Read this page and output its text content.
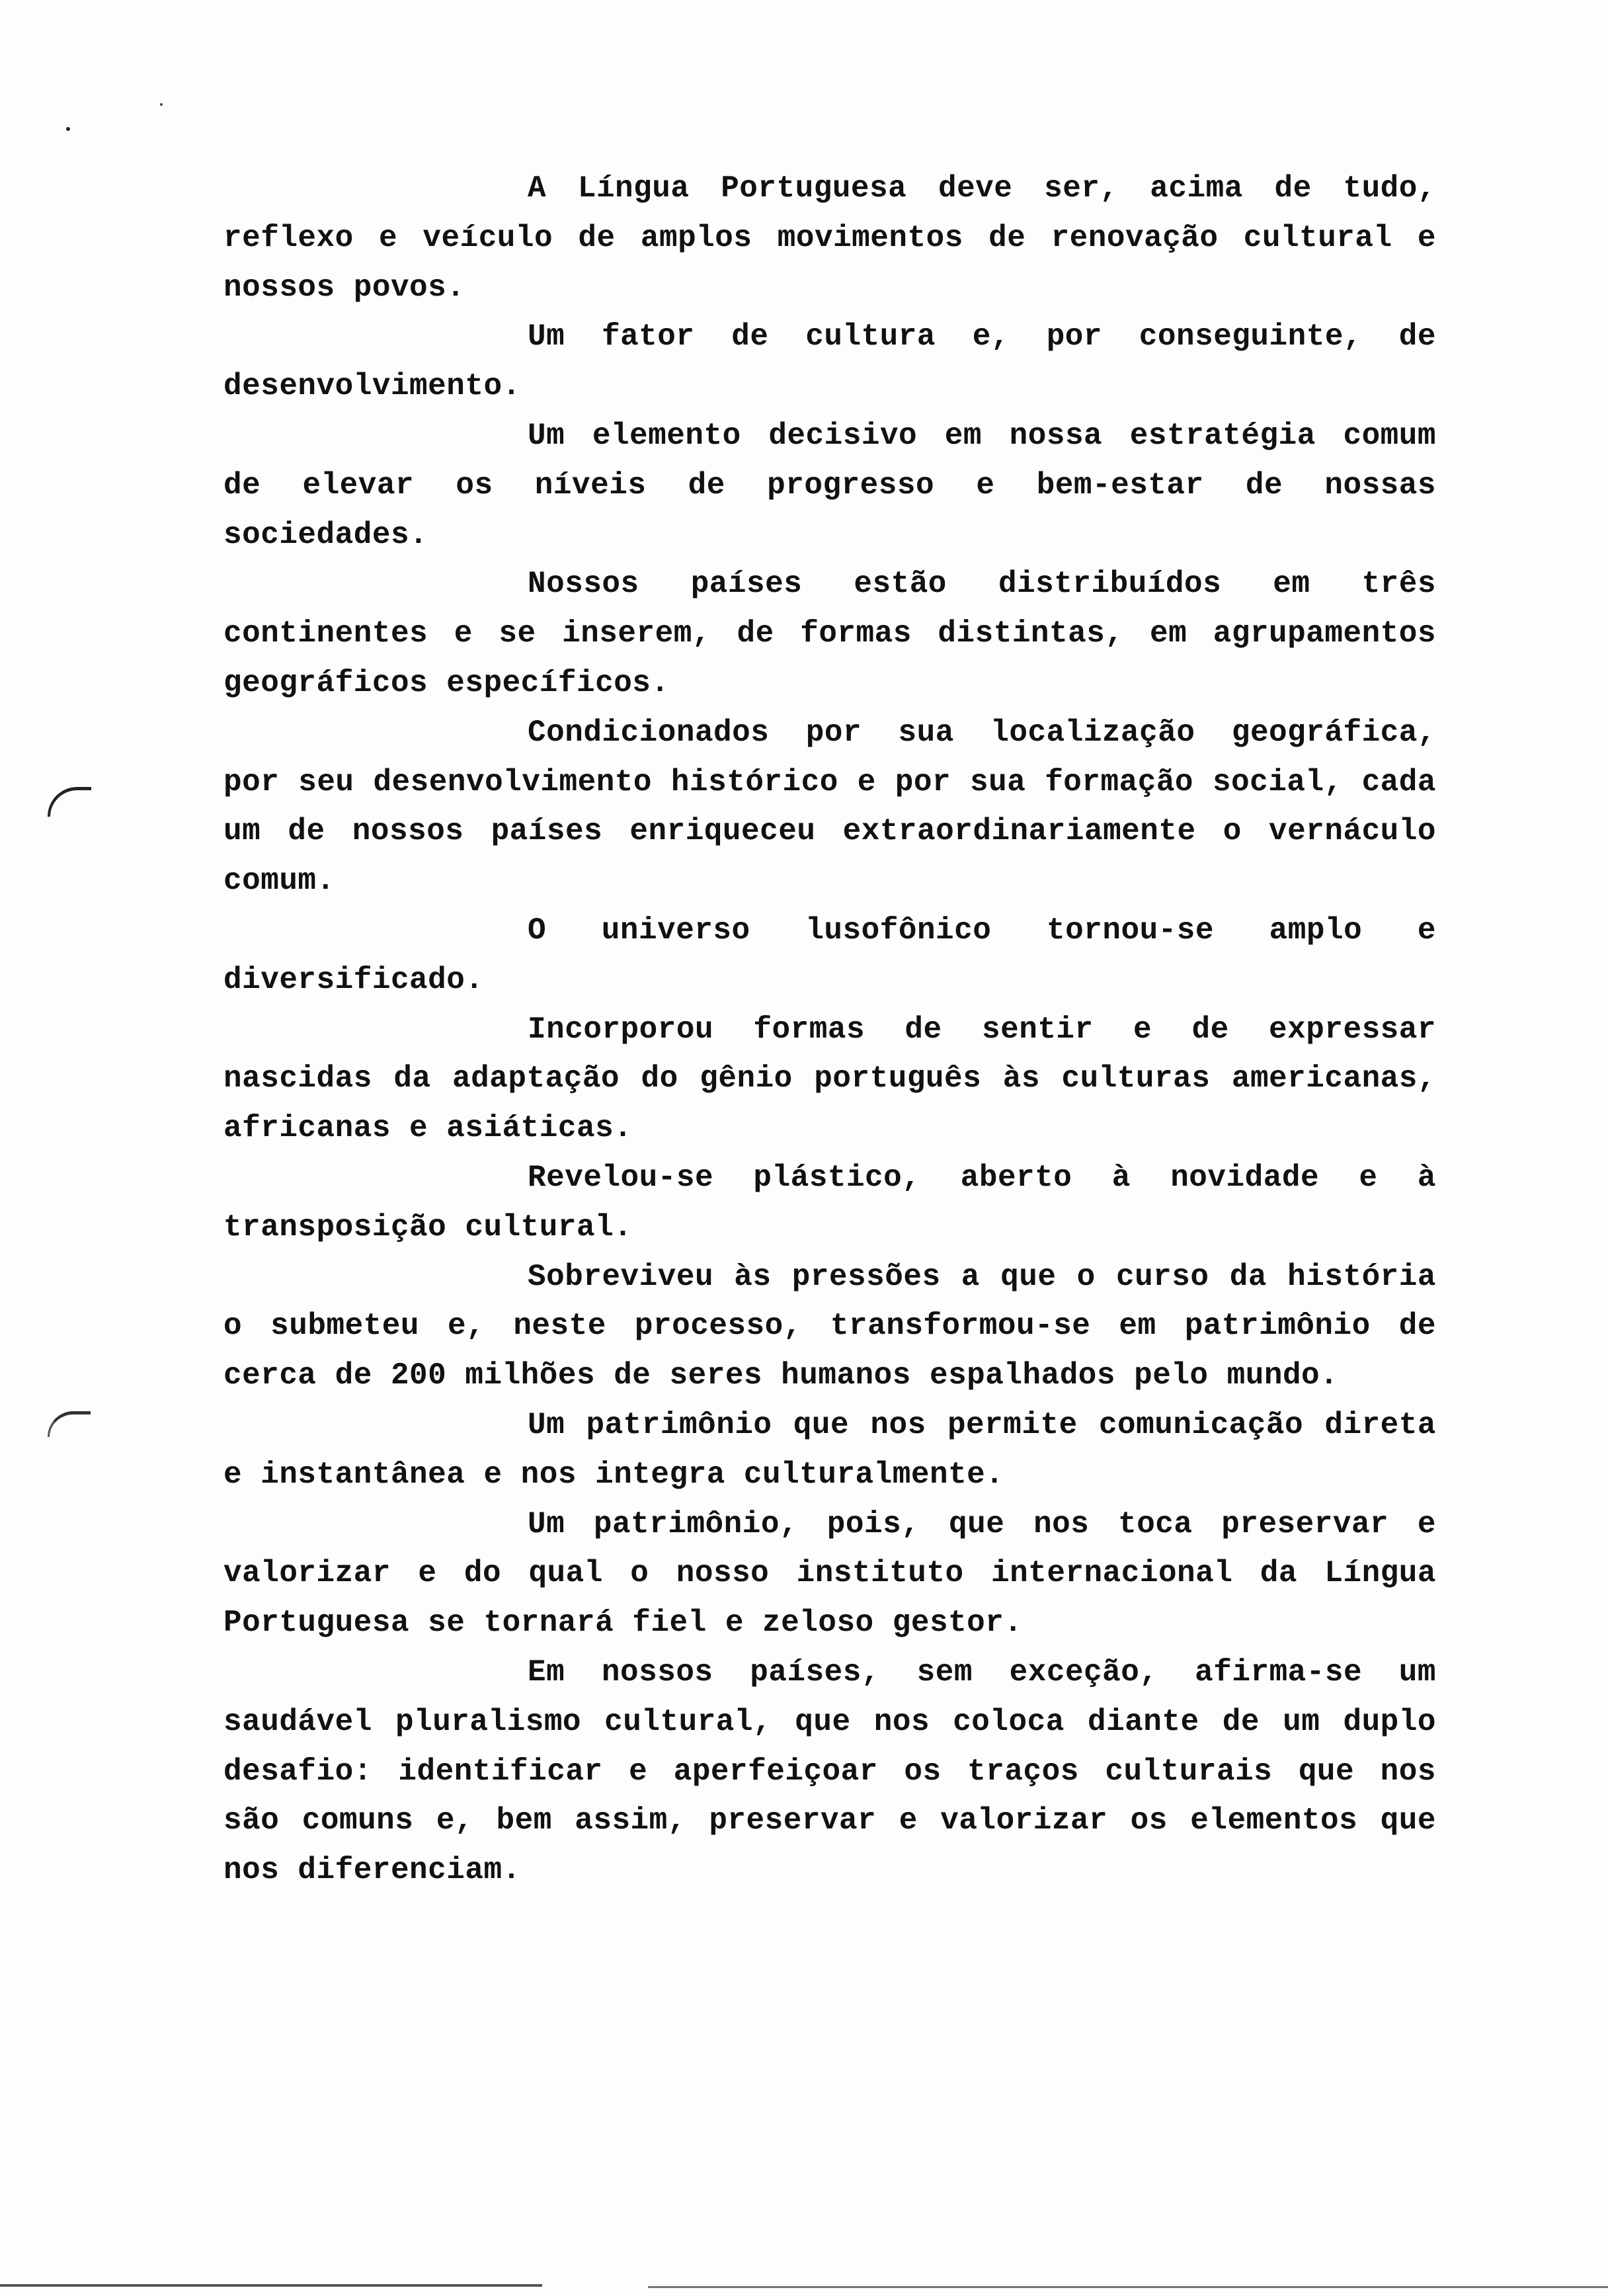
A Língua Portuguesa deve ser, acima de tudo, reflexo e veículo de amplos movimentos de renovação cultural e nossos povos.

Um fator de cultura e, por conseguinte, de desenvolvimento.

Um elemento decisivo em nossa estratégia comum de elevar os níveis de progresso e bem-estar de nossas sociedades.

Nossos países estão distribuídos em três continentes e se inserem, de formas distintas, em agrupamentos geográficos específicos.

Condicionados por sua localização geográfica, por seu desenvolvimento histórico e por sua formação social, cada um de nossos países enriqueceu extraordinariamente o vernáculo comum.

O universo lusofônico tornou-se amplo e diversificado.

Incorporou formas de sentir e de expressar nascidas da adaptação do gênio português às culturas americanas, africanas e asiáticas.

Revelou-se plástico, aberto à novidade e à transposição cultural.

Sobreviveu às pressões a que o curso da história o submeteu e, neste processo, transformou-se em patrimônio de cerca de 200 milhões de seres humanos espalhados pelo mundo.

Um patrimônio que nos permite comunicação direta e instantânea e nos integra culturalmente.

Um patrimônio, pois, que nos toca preservar e valorizar e do qual o nosso instituto internacional da Língua Portuguesa se tornará fiel e zeloso gestor.

Em nossos países, sem exceção, afirma-se um saudável pluralismo cultural, que nos coloca diante de um duplo desafio: identificar e aperfeiçoar os traços culturais que nos são comuns e, bem assim, preservar e valorizar os elementos que nos diferenciam.
